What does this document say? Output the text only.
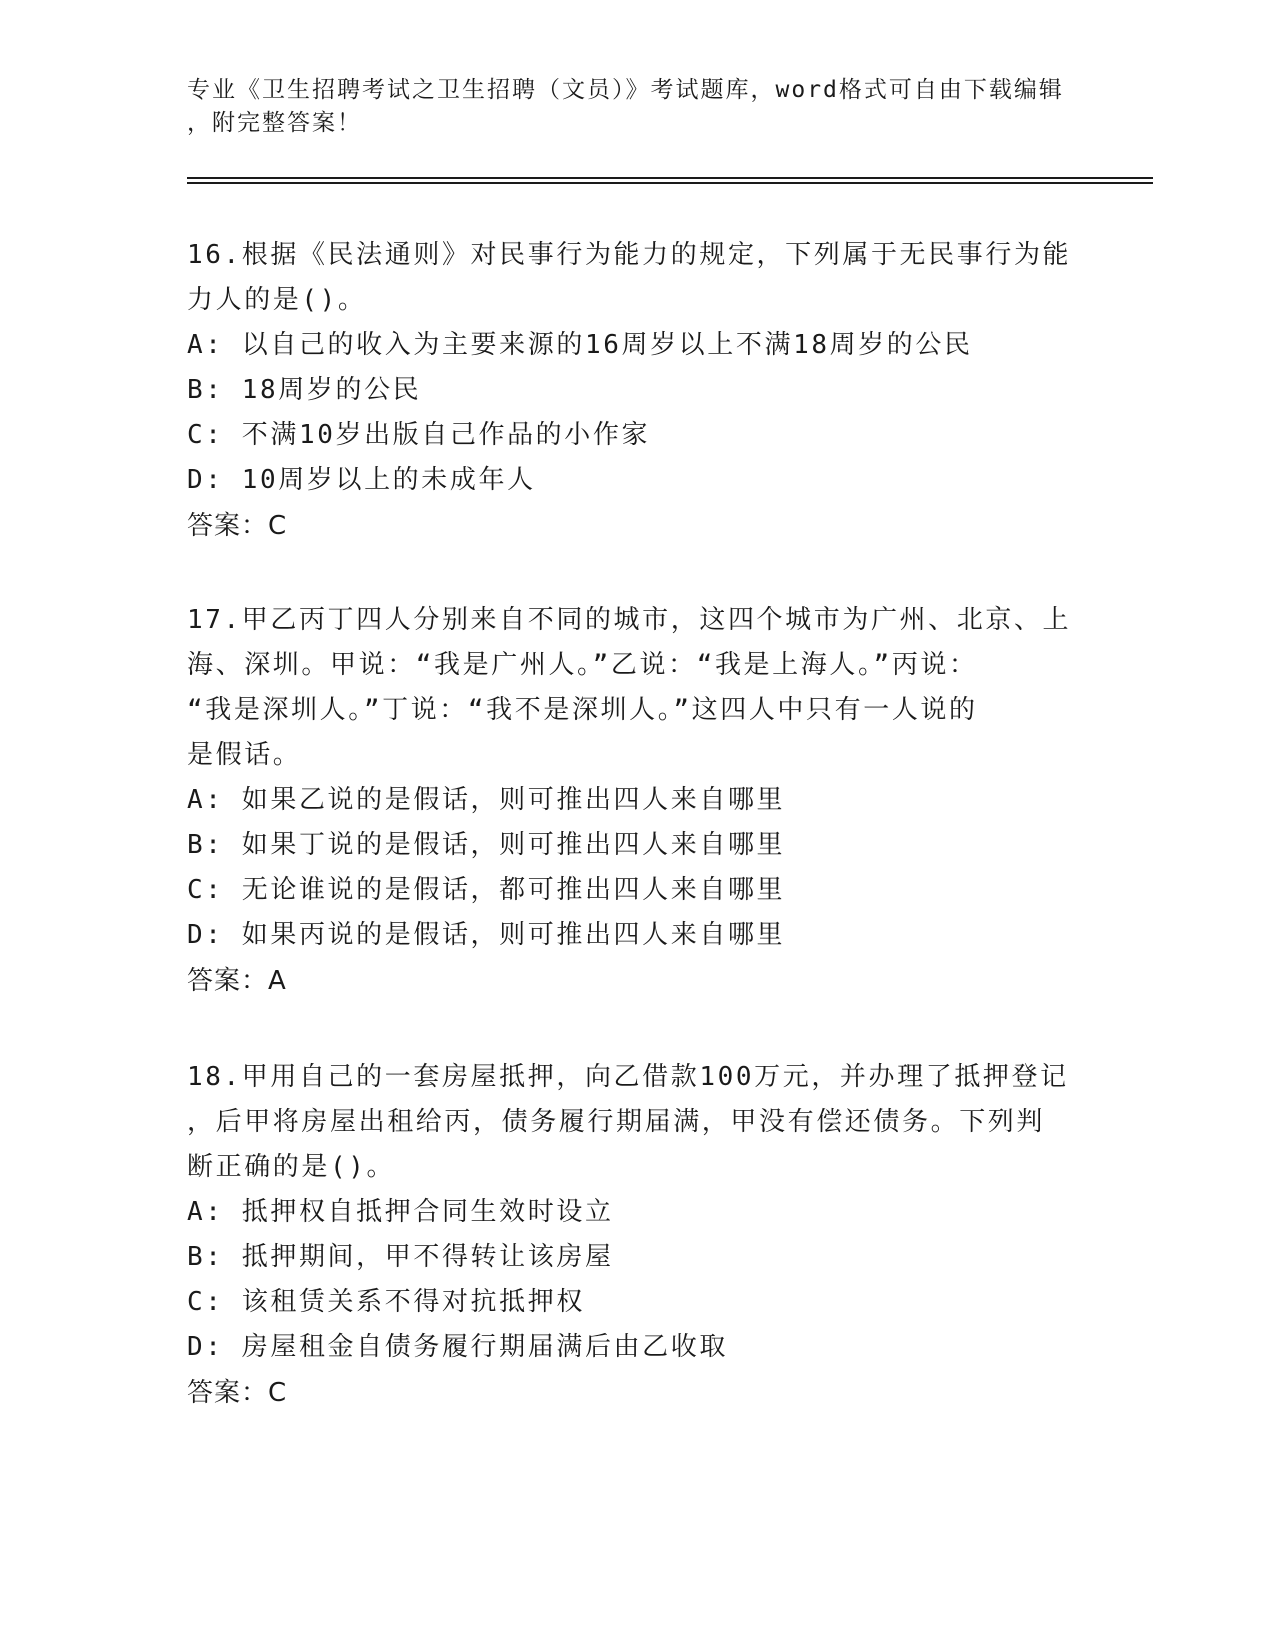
专业《卫生招聘考试之卫生招聘（文员）》考试题库，word格式可自由下载编辑
，附完整答案！
16.根据《民法通则》对民事行为能力的规定，下列属于无民事行为能
力人的是()。
A: 以自己的收入为主要来源的16周岁以上不满18周岁的公民
B: 18周岁的公民
C: 不满10岁出版自己作品的小作家
D: 10周岁以上的未成年人
答案：C
17.甲乙丙丁四人分别来自不同的城市，这四个城市为广州、北京、上
海、深圳。甲说：“我是广州人。”乙说：“我是上海人。”丙说：
“我是深圳人。”丁说：“我不是深圳人。”这四人中只有一人说的
是假话。
A: 如果乙说的是假话，则可推出四人来自哪里
B: 如果丁说的是假话，则可推出四人来自哪里
C: 无论谁说的是假话，都可推出四人来自哪里
D: 如果丙说的是假话，则可推出四人来自哪里
答案：A
18.甲用自己的一套房屋抵押，向乙借款100万元，并办理了抵押登记
，后甲将房屋出租给丙，债务履行期届满，甲没有偿还债务。下列判
断正确的是()。
A: 抵押权自抵押合同生效时设立
B: 抵押期间，甲不得转让该房屋
C: 该租赁关系不得对抗抵押权
D: 房屋租金自债务履行期届满后由乙收取
答案：C
